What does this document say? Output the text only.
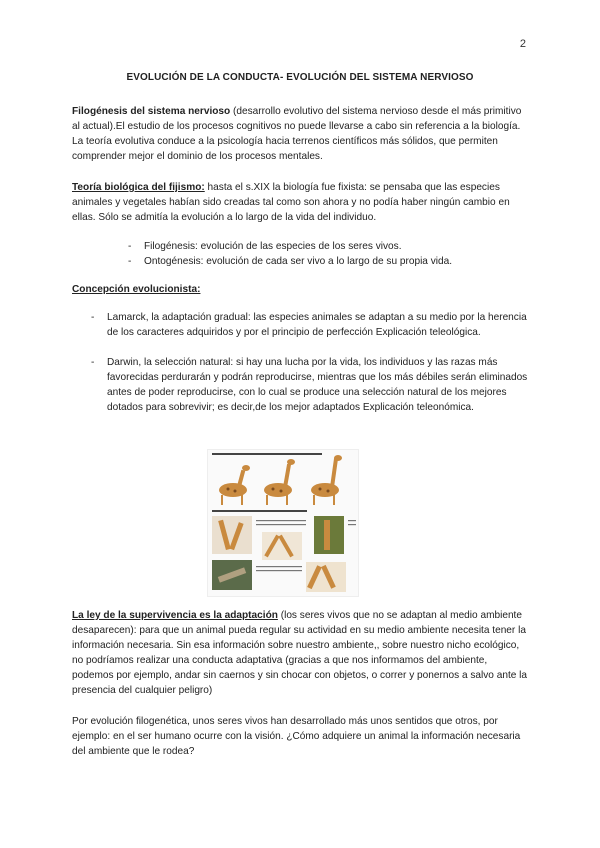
2
EVOLUCIÓN DE LA CONDUCTA- EVOLUCIÓN DEL SISTEMA NERVIOSO
Filogénesis del sistema nervioso (desarrollo evolutivo del sistema nervioso desde el más primitivo al actual).El estudio de los procesos cognitivos no puede llevarse a cabo sin referencia a la biología. La teoría evolutiva conduce a la psicología hacia terrenos científicos más sólidos, que permiten comprender mejor el dominio de los procesos mentales.
Teoría biológica del fijismo: hasta el s.XIX la biología fue fixista: se pensaba que las especies animales y vegetales habían sido creadas tal como son ahora y no podía haber ningún cambio en ellas. Sólo se admitía la evolución a lo largo de la vida del individuo.
- Filogénesis: evolución de las especies de los seres vivos.
- Ontogénesis: evolución de cada ser vivo a lo largo de su propia vida.
Concepción evolucionista:
- Lamarck, la adaptación gradual: las especies animales se adaptan a su medio por la herencia de los caracteres adquiridos y por el principio de perfección Explicación teleológica.
- Darwin, la selección natural: si hay una lucha por la vida, los individuos y las razas más favorecidas perdurarán y podrán reproducirse, mientras que los más débiles serán eliminados antes de poder reproducirse, con lo cual se produce una selección natural de los mejores dotados para sobrevivir; es decir,de los mejor adaptados Explicación teleonómica.
La ley de la supervivencia es la adaptación (los seres vivos que no se adaptan al medio ambiente desaparecen): para que un animal pueda regular su actividad en su medio ambiente necesita tener la información necesaria. Sin esa información sobre nuestro ambiente,, sobre nuestro nicho ecológico, no podríamos realizar una conducta adaptativa (gracias a que nos informamos del ambiente, podemos por ejemplo, andar sin caernos y sin chocar con objetos, o correr y ponernos a salvo ante la presencia del cualquier peligro)
Por evolución filogenética, unos seres vivos han desarrollado más unos sentidos que otros, por ejemplo: en el ser humano ocurre con la visión. ¿Cómo adquiere un animal la información necesaria del ambiente que le rodea?
